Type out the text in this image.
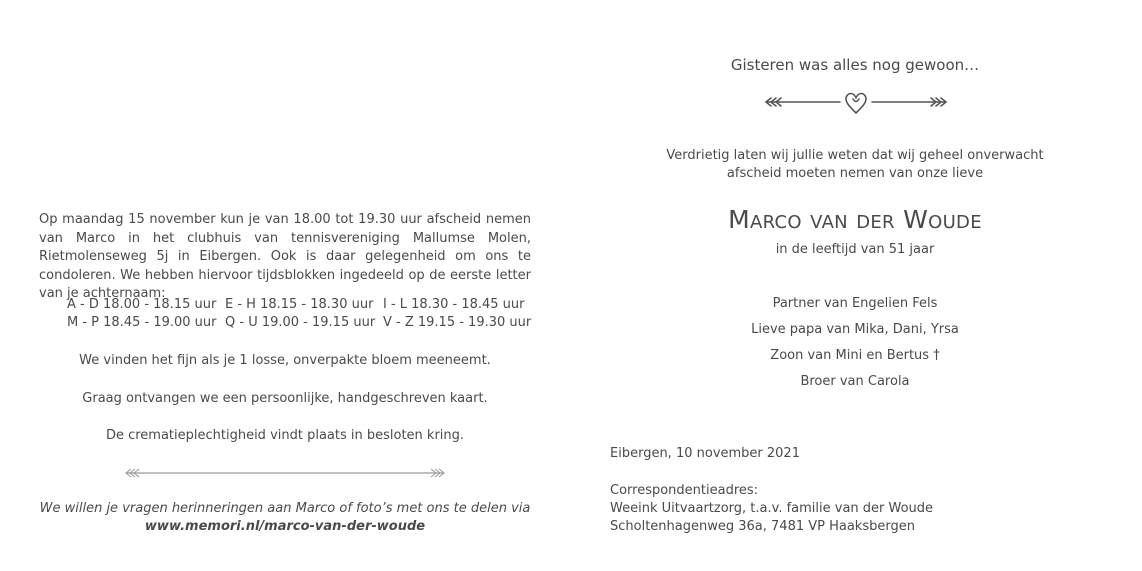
Op maandag 15 november kun je van 18.00 tot 19.30 uur afscheid nemen van Marco in het clubhuis van tennisvereniging Mallumse Molen, Rietmolenseweg 5j in Eibergen. Ook is daar gelegenheid om ons te condoleren. We hebben hiervoor tijdsblokken ingedeeld op de eerste letter van je achternaam:
A - D 18.00 - 18.15 uur E - H 18.15 - 18.30 uur I - L 18.30 - 18.45 uur
M - P 18.45 - 19.00 uur Q - U 19.00 - 19.15 uur V - Z 19.15 - 19.30 uur
We vinden het fijn als je 1 losse, onverpakte bloem meeneemt.
Graag ontvangen we een persoonlijke, handgeschreven kaart.
De crematieplechtigheid vindt plaats in besloten kring.
We willen je vragen herinneringen aan Marco of foto’s met ons te delen via
www.memori.nl/marco-van-der-woude
Gisteren was alles nog gewoon…
Verdrietig laten wij jullie weten dat wij geheel onverwacht
afscheid moeten nemen van onze lieve
Marco van der Woude
in de leeftijd van 51 jaar
Partner van Engelien Fels
Lieve papa van Mika, Dani, Yrsa
Zoon van Mini en Bertus †
Broer van Carola
Eibergen, 10 november 2021
Correspondentieadres:
Weeink Uitvaartzorg, t.a.v. familie van der Woude
Scholtenhagenweg 36a, 7481 VP Haaksbergen
